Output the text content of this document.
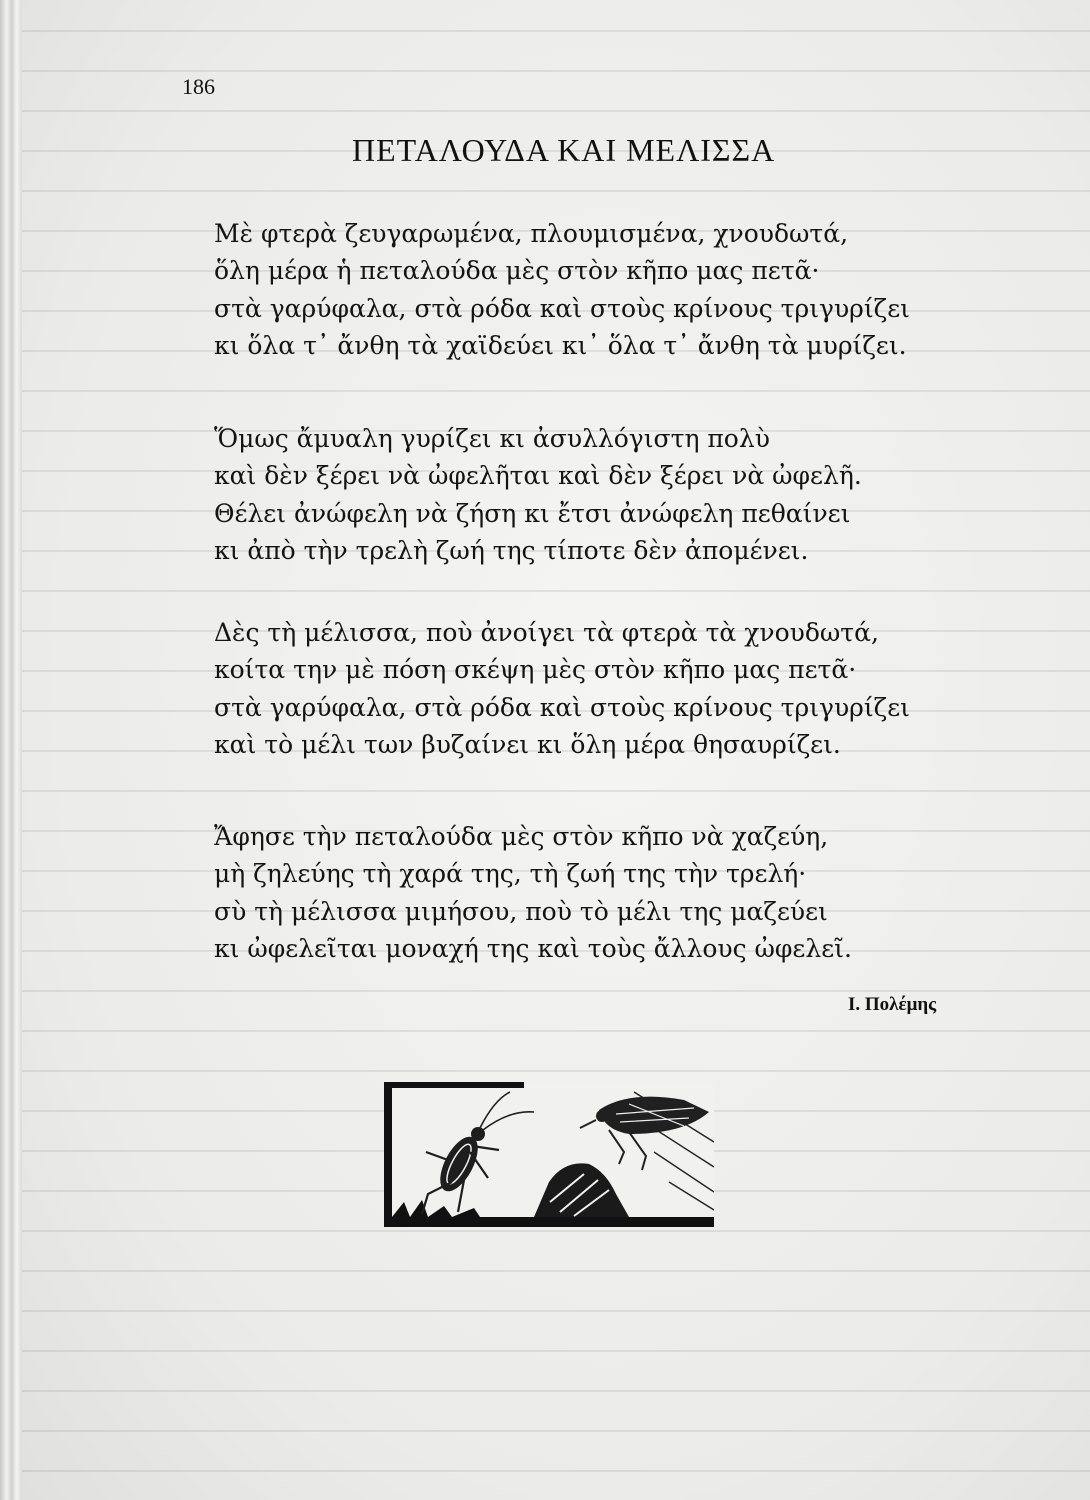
186
ΠΕΤΑΛΟΥΔΑ ΚΑΙ ΜΕΛΙΣΣΑ
Μὲ φτερὰ ζευγαρωμένα, πλουμισμένα, χνουδωτά,
ὅλη μέρα ἡ πεταλούδα μὲς στὸν κῆπο μας πετᾶ·
στὰ γαρύφαλα, στὰ ρόδα καὶ στοὺς κρίνους τριγυρίζει
κι ὅλα τ᾿ ἄνθη τὰ χαϊδεύει κι᾿ ὅλα τ᾿ ἄνθη τὰ μυρίζει.
Ὅμως ἄμυαλη γυρίζει κι ἀσυλλόγιστη πολὺ
καὶ δὲν ξέρει νὰ ὠφελῆται καὶ δὲν ξέρει νὰ ὠφελῆ.
Θέλει ἀνώφελη νὰ ζήση κι ἔτσι ἀνώφελη πεθαίνει
κι ἀπὸ τὴν τρελὴ ζωή της τίποτε δὲν ἀπομένει.
Δὲς τὴ μέλισσα, ποὺ ἀνοίγει τὰ φτερὰ τὰ χνουδωτά,
κοίτα την μὲ πόση σκέψη μὲς στὸν κῆπο μας πετᾶ·
στὰ γαρύφαλα, στὰ ρόδα καὶ στοὺς κρίνους τριγυρίζει
καὶ τὸ μέλι των βυζαίνει κι ὅλη μέρα θησαυρίζει.
Ἄφησε τὴν πεταλούδα μὲς στὸν κῆπο νὰ χαζεύη,
μὴ ζηλεύης τὴ χαρά της, τὴ ζωή της τὴν τρελή·
σὺ τὴ μέλισσα μιμήσου, ποὺ τὸ μέλι της μαζεύει
κι ὠφελεῖται μοναχή της καὶ τοὺς ἄλλους ὠφελεῖ.
Ι. Πολέμης
